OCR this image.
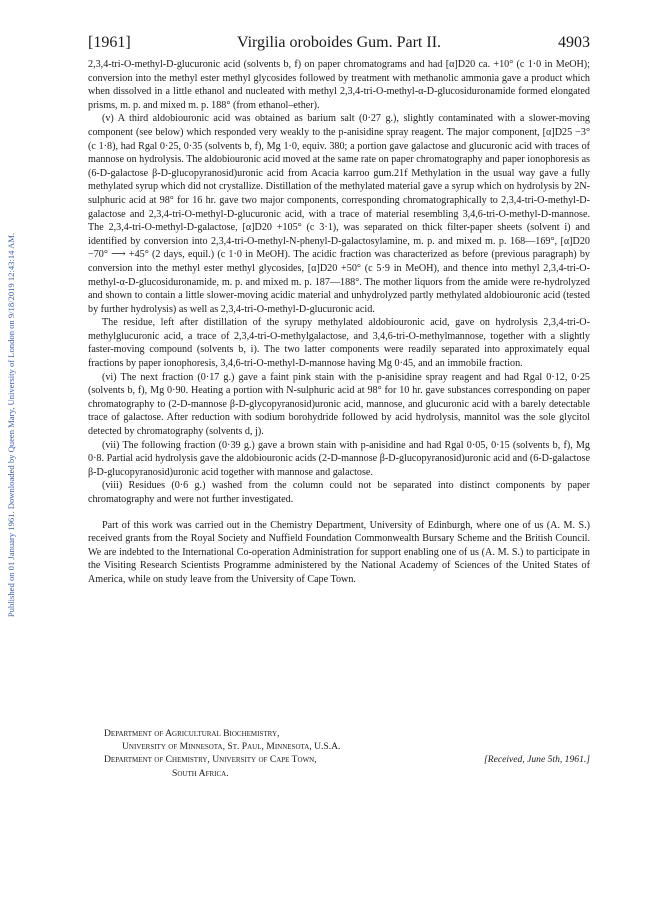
Published on 01 January 1961. Downloaded by Queen Mary, University of London on 9/18/2019 12:43:14 AM.
[1961]	Virgilia oroboides Gum. Part II.	4903

2,3,4-tri-O-methyl-D-glucuronic acid (solvents b, f) on paper chromatograms and had [α]D20 ca. +10° (c 1·0 in MeOH); conversion into the methyl ester methyl glycosides followed by treatment with methanolic ammonia gave a product which when dissolved in a little ethanol and nucleated with methyl 2,3,4-tri-O-methyl-α-D-glucosiduronamide formed elongated prisms, m. p. and mixed m. p. 188° (from ethanol–ether).

(v) A third aldobiouronic acid was obtained as barium salt (0·27 g.), slightly contaminated with a slower-moving component (see below) which responded very weakly to the p-anisidine spray reagent. The major component, [α]D25 −3° (c 1·8), had Rgal 0·25, 0·35 (solvents b, f), Mg 1·0, equiv. 380; a portion gave galactose and glucuronic acid with traces of mannose on hydrolysis. The aldobiouronic acid moved at the same rate on paper chromatography and paper ionophoresis as (6-D-galactose β-D-glucopyranosid)uronic acid from Acacia karroo gum.21f Methylation in the usual way gave a fully methylated syrup which did not crystallize. Distillation of the methylated material gave a syrup which on hydrolysis by 2N-sulphuric acid at 98° for 16 hr. gave two major components, corresponding chromatographically to 2,3,4-tri-O-methyl-D-galactose and 2,3,4-tri-O-methyl-D-glucuronic acid, with a trace of material resembling 3,4,6-tri-O-methyl-D-mannose. The 2,3,4-tri-O-methyl-D-galactose, [α]D20 +105° (c 3·1), was separated on thick filter-paper sheets (solvent i) and identified by conversion into 2,3,4-tri-O-methyl-N-phenyl-D-galactosylamine, m. p. and mixed m. p. 168—169°, [α]D20 −70° ⟶ +45° (2 days, equil.) (c 1·0 in MeOH). The acidic fraction was characterized as before (previous paragraph) by conversion into the methyl ester methyl glycosides, [α]D20 +50° (c 5·9 in MeOH), and thence into methyl 2,3,4-tri-O-methyl-α-D-glucosiduronamide, m. p. and mixed m. p. 187—188°. The mother liquors from the amide were re-hydrolyzed and shown to contain a little slower-moving acidic material and unhydrolyzed partly methylated aldobiouronic acid (tested by further hydrolysis) as well as 2,3,4-tri-O-methyl-D-glucuronic acid.

The residue, left after distillation of the syrupy methylated aldobiouronic acid, gave on hydrolysis 2,3,4-tri-O-methylglucuronic acid, a trace of 2,3,4-tri-O-methylgalactose, and 3,4,6-tri-O-methylmannose, together with a slightly faster-moving compound (solvents b, i). The two latter components were readily separated into approximately equal fractions by paper ionophoresis, 3,4,6-tri-O-methyl-D-mannose having Mg 0·45, and an immobile fraction.

(vi) The next fraction (0·17 g.) gave a faint pink stain with the p-anisidine spray reagent and had Rgal 0·12, 0·25 (solvents b, f), Mg 0·90. Heating a portion with N-sulphuric acid at 98° for 10 hr. gave substances corresponding on paper chromatography to (2-D-mannose β-D-glycopyranosid)uronic acid, mannose, and glucuronic acid with a barely detectable trace of galactose. After reduction with sodium borohydride followed by acid hydrolysis, mannitol was the sole glycitol detected by chromatography (solvents d, j).

(vii) The following fraction (0·39 g.) gave a brown stain with p-anisidine and had Rgal 0·05, 0·15 (solvents b, f), Mg 0·8. Partial acid hydrolysis gave the aldobiouronic acids (2-D-mannose β-D-glucopyranosid)uronic acid and (6-D-galactose β-D-glucopyranosid)uronic acid together with mannose and galactose.

(viii) Residues (0·6 g.) washed from the column could not be separated into distinct components by paper chromatography and were not further investigated.

Part of this work was carried out in the Chemistry Department, University of Edinburgh, where one of us (A. M. S.) received grants from the Royal Society and Nuffield Foundation Commonwealth Bursary Scheme and the British Council. We are indebted to the International Co-operation Administration for support enabling one of us (A. M. S.) to participate in the Visiting Research Scientists Programme administered by the National Academy of Sciences of the United States of America, while on study leave from the University of Cape Town.

Department of Agricultural Biochemistry,
University of Minnesota, St. Paul, Minnesota, U.S.A.
Department of Chemistry, University of Cape Town,
South Africa.
[Received, June 5th, 1961.]
